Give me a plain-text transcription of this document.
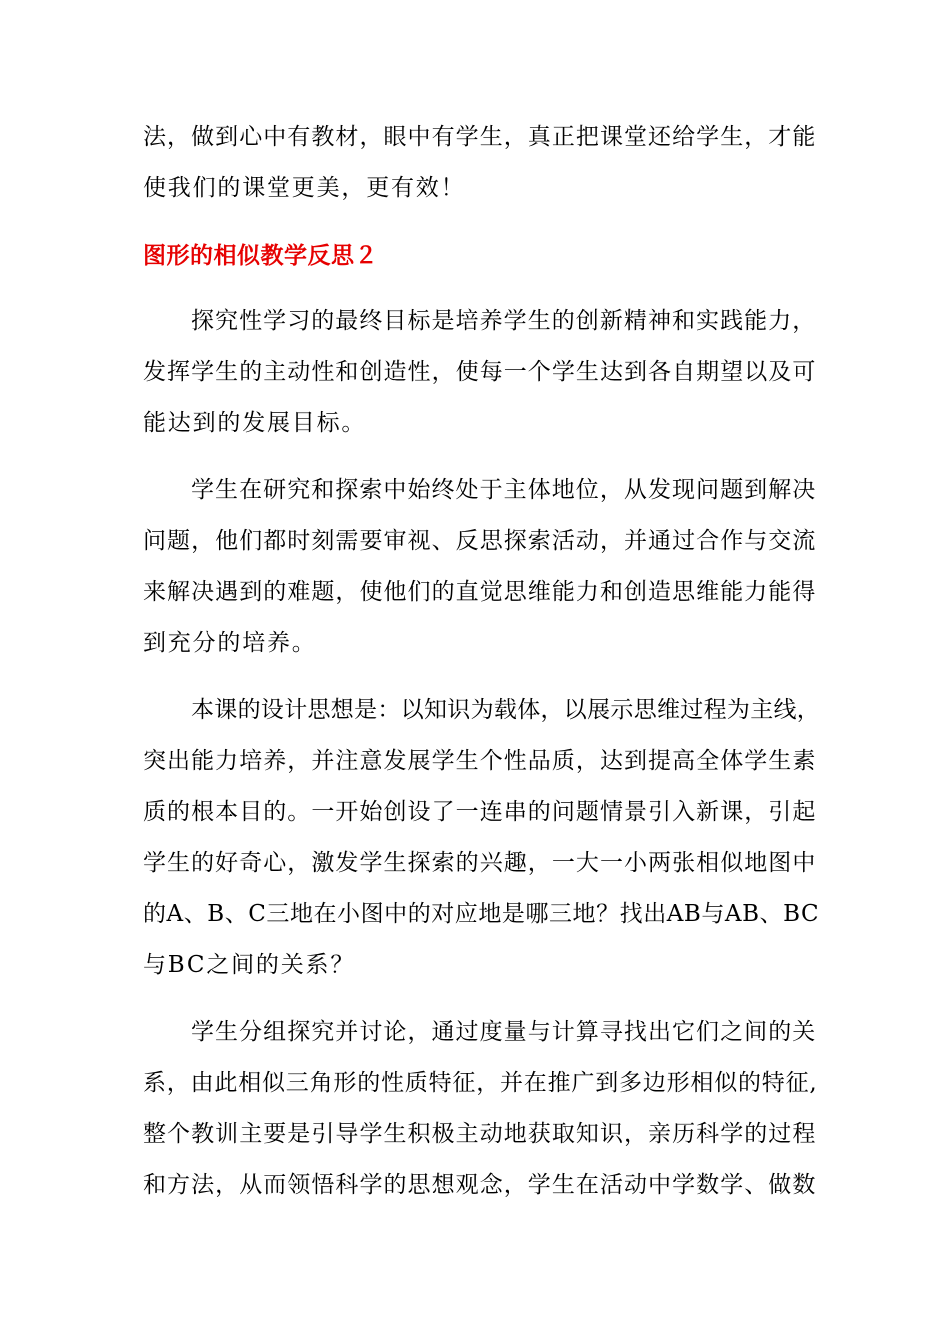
法，做到心中有教材，眼中有学生，真正把课堂还给学生，才能

使我们的课堂更美，更有效！

图形的相似教学反思２

探究性学习的最终目标是培养学生的创新精神和实践能力，

发挥学生的主动性和创造性，使每一个学生达到各自期望以及可

能达到的发展目标。

学生在研究和探索中始终处于主体地位，从发现问题到解决

问题，他们都时刻需要审视、反思探索活动，并通过合作与交流

来解决遇到的难题，使他们的直觉思维能力和创造思维能力能得

到充分的培养。

本课的设计思想是：以知识为载体，以展示思维过程为主线，

突出能力培养，并注意发展学生个性品质，达到提高全体学生素

质的根本目的。一开始创设了一连串的问题情景引入新课，引起

学生的好奇心，激发学生探索的兴趣，一大一小两张相似地图中

的A、B、C三地在小图中的对应地是哪三地？找出AB与AB、BC

与BC之间的关系？

学生分组探究并讨论，通过度量与计算寻找出它们之间的关

系，由此相似三角形的性质特征，并在推广到多边形相似的特征,

整个教训主要是引导学生积极主动地获取知识，亲历科学的过程

和方法，从而领悟科学的思想观念，学生在活动中学数学、做数
